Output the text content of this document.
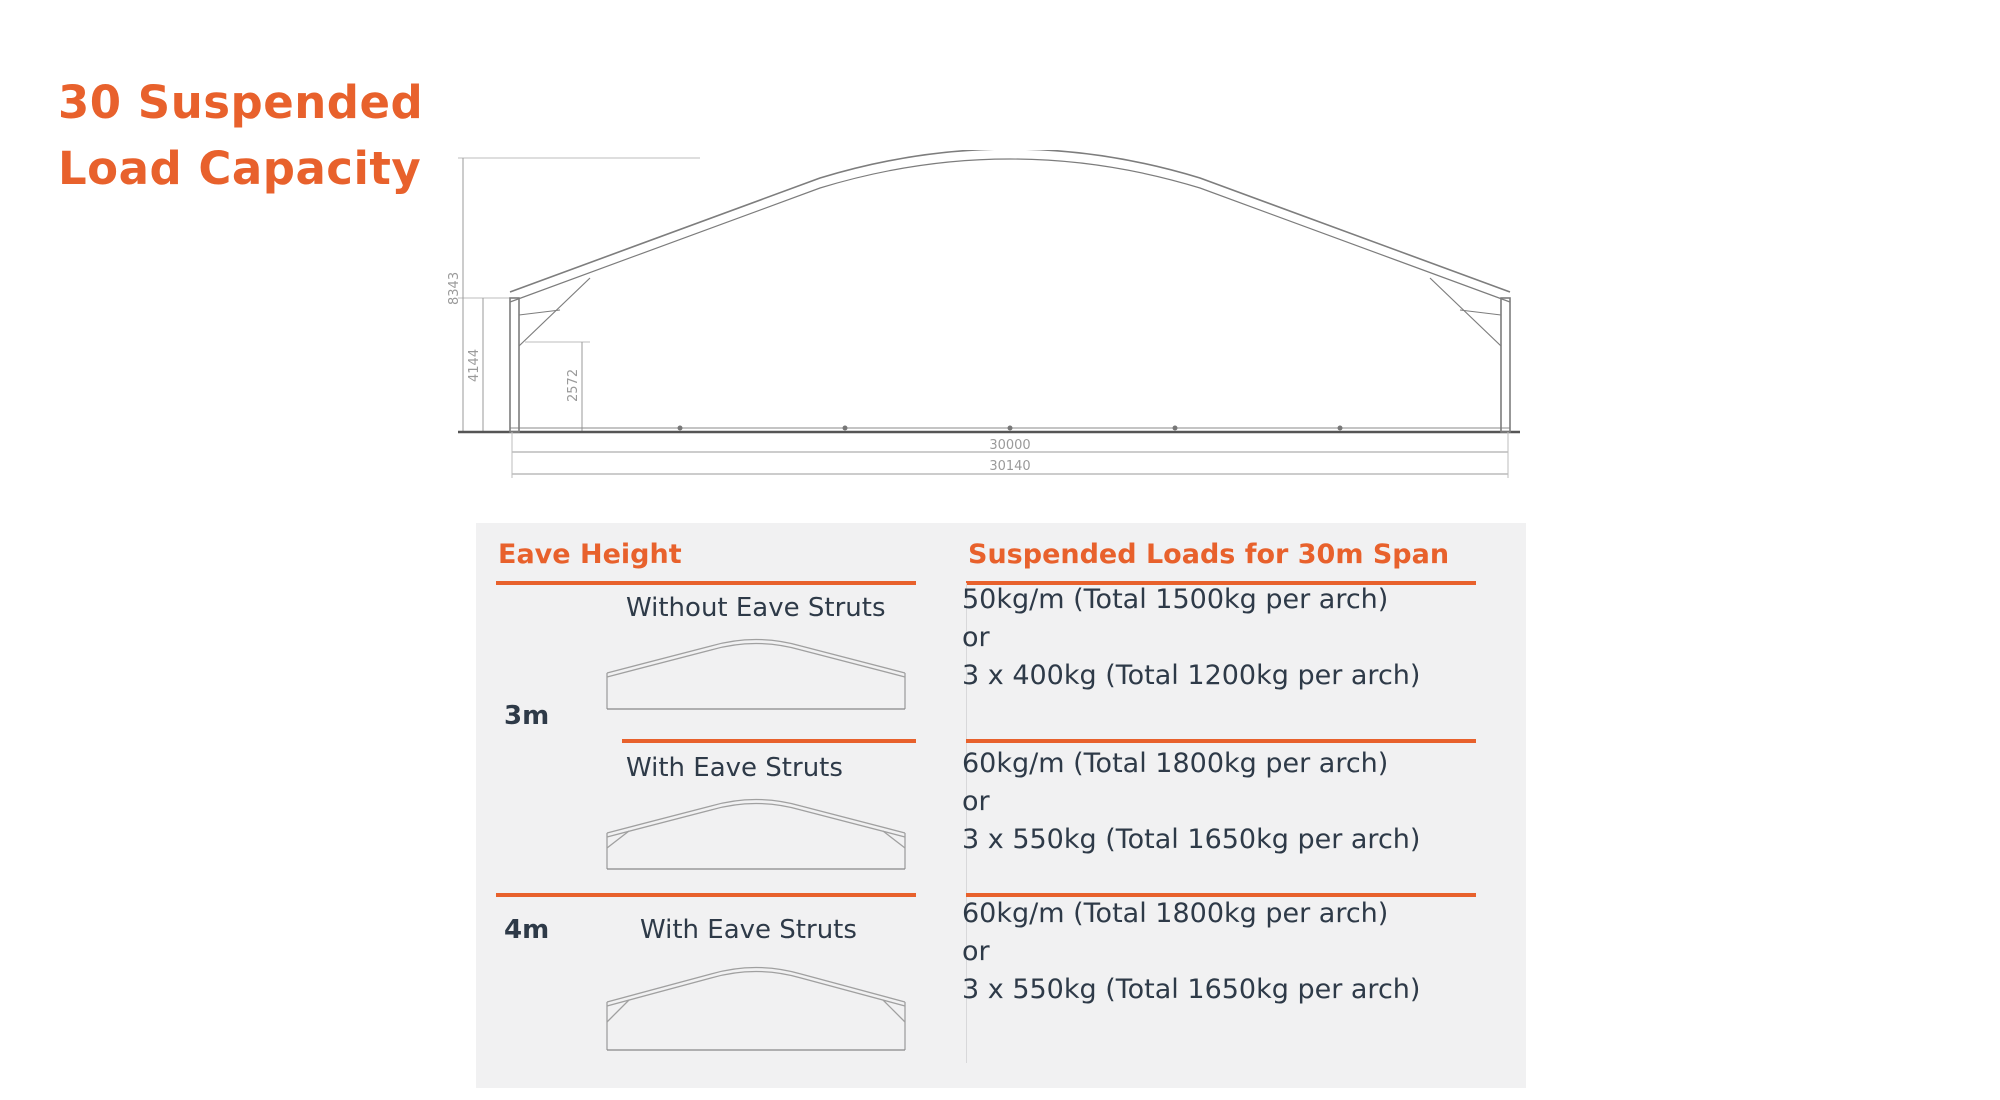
30 Suspended
Load Capacity
8343
4144
2572
30000
30140
Eave Height	Suspended Loads for 30m Span
3m
Without Eave Struts	50kg/m (Total 1500kg per arch)
or
3 x 400kg (Total 1200kg per arch)
With Eave Struts	60kg/m (Total 1800kg per arch)
or
3 x 550kg (Total 1650kg per arch)
4m	With Eave Struts
60kg/m (Total 1800kg per arch)
or
3 x 550kg (Total 1650kg per arch)
